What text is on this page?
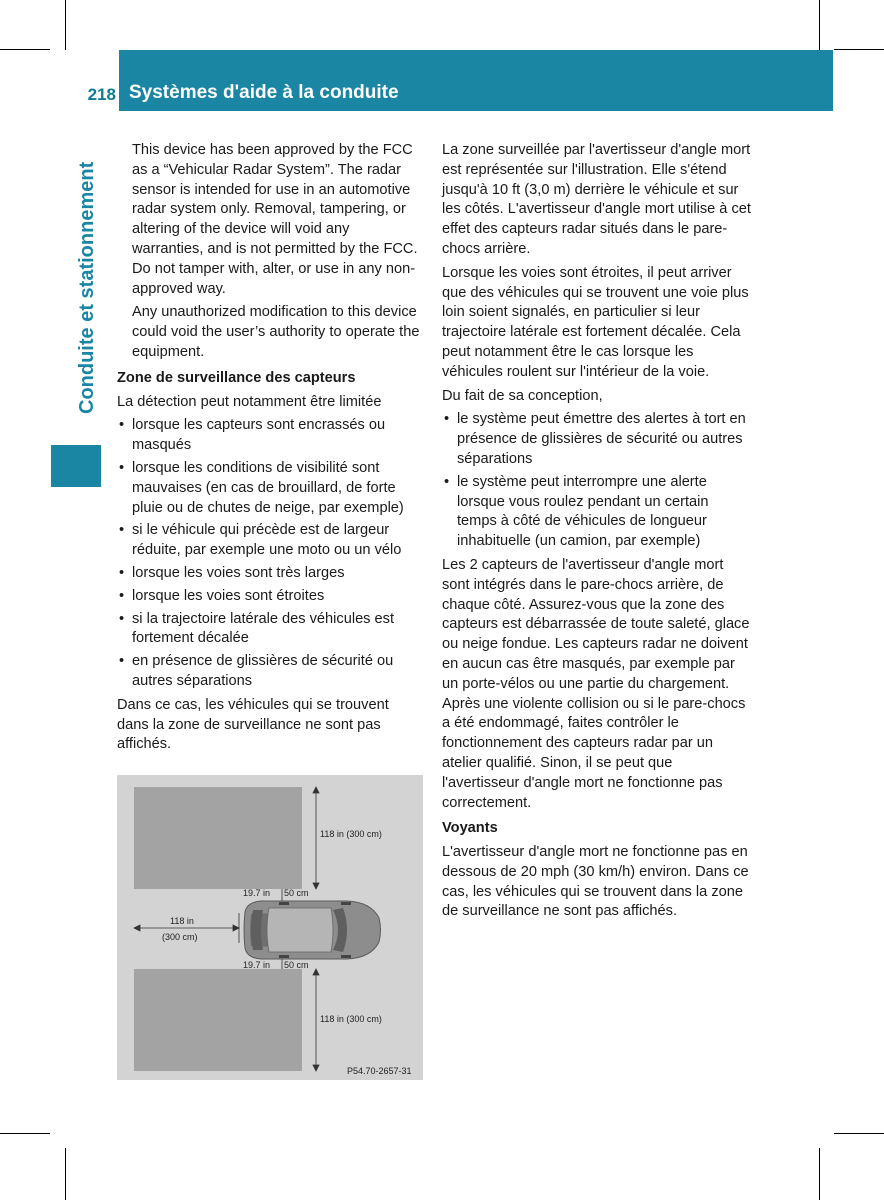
218 Systèmes d'aide à la conduite
Conduite et stationnement

This device has been approved by the FCC as a “Vehicular Radar System”. The radar sensor is intended for use in an automotive radar system only. Removal, tampering, or altering of the device will void any warranties, and is not permitted by the FCC. Do not tamper with, alter, or use in any non-approved way.

Any unauthorized modification to this device could void the user’s authority to operate the equipment.

Zone de surveillance des capteurs

La détection peut notamment être limitée

• lorsque les capteurs sont encrassés ou masqués
• lorsque les conditions de visibilité sont mauvaises (en cas de brouillard, de forte pluie ou de chutes de neige, par exemple)
• si le véhicule qui précède est de largeur réduite, par exemple une moto ou un vélo
• lorsque les voies sont très larges
• lorsque les voies sont étroites
• si la trajectoire latérale des véhicules est fortement décalée
• en présence de glissières de sécurité ou autres séparations

Dans ce cas, les véhicules qui se trouvent dans la zone de surveillance ne sont pas affichés.

118 in (300 cm)
118 in (300 cm)
19.7 in 50 cm
19.7 in 50 cm
118 in
(300 cm)
P54.70-2657-31

La zone surveillée par l'avertisseur d'angle mort est représentée sur l'illustration. Elle s'étend jusqu'à 10 ft (3,0 m) derrière le véhicule et sur les côtés. L'avertisseur d'angle mort utilise à cet effet des capteurs radar situés dans le pare-chocs arrière.

Lorsque les voies sont étroites, il peut arriver que des véhicules qui se trouvent une voie plus loin soient signalés, en particulier si leur trajectoire latérale est fortement décalée. Cela peut notamment être le cas lorsque les véhicules roulent sur l'intérieur de la voie.

Du fait de sa conception,

• le système peut émettre des alertes à tort en présence de glissières de sécurité ou autres séparations
• le système peut interrompre une alerte lorsque vous roulez pendant un certain temps à côté de véhicules de longueur inhabituelle (un camion, par exemple)

Les 2 capteurs de l'avertisseur d'angle mort sont intégrés dans le pare-chocs arrière, de chaque côté. Assurez-vous que la zone des capteurs est débarrassée de toute saleté, glace ou neige fondue. Les capteurs radar ne doivent en aucun cas être masqués, par exemple par un porte-vélos ou une partie du chargement. Après une violente collision ou si le pare-chocs a été endommagé, faites contrôler le fonctionnement des capteurs radar par un atelier qualifié. Sinon, il se peut que l'avertisseur d'angle mort ne fonctionne pas correctement.

Voyants

L'avertisseur d'angle mort ne fonctionne pas en dessous de 20 mph (30 km/h) environ. Dans ce cas, les véhicules qui se trouvent dans la zone de surveillance ne sont pas affichés.
